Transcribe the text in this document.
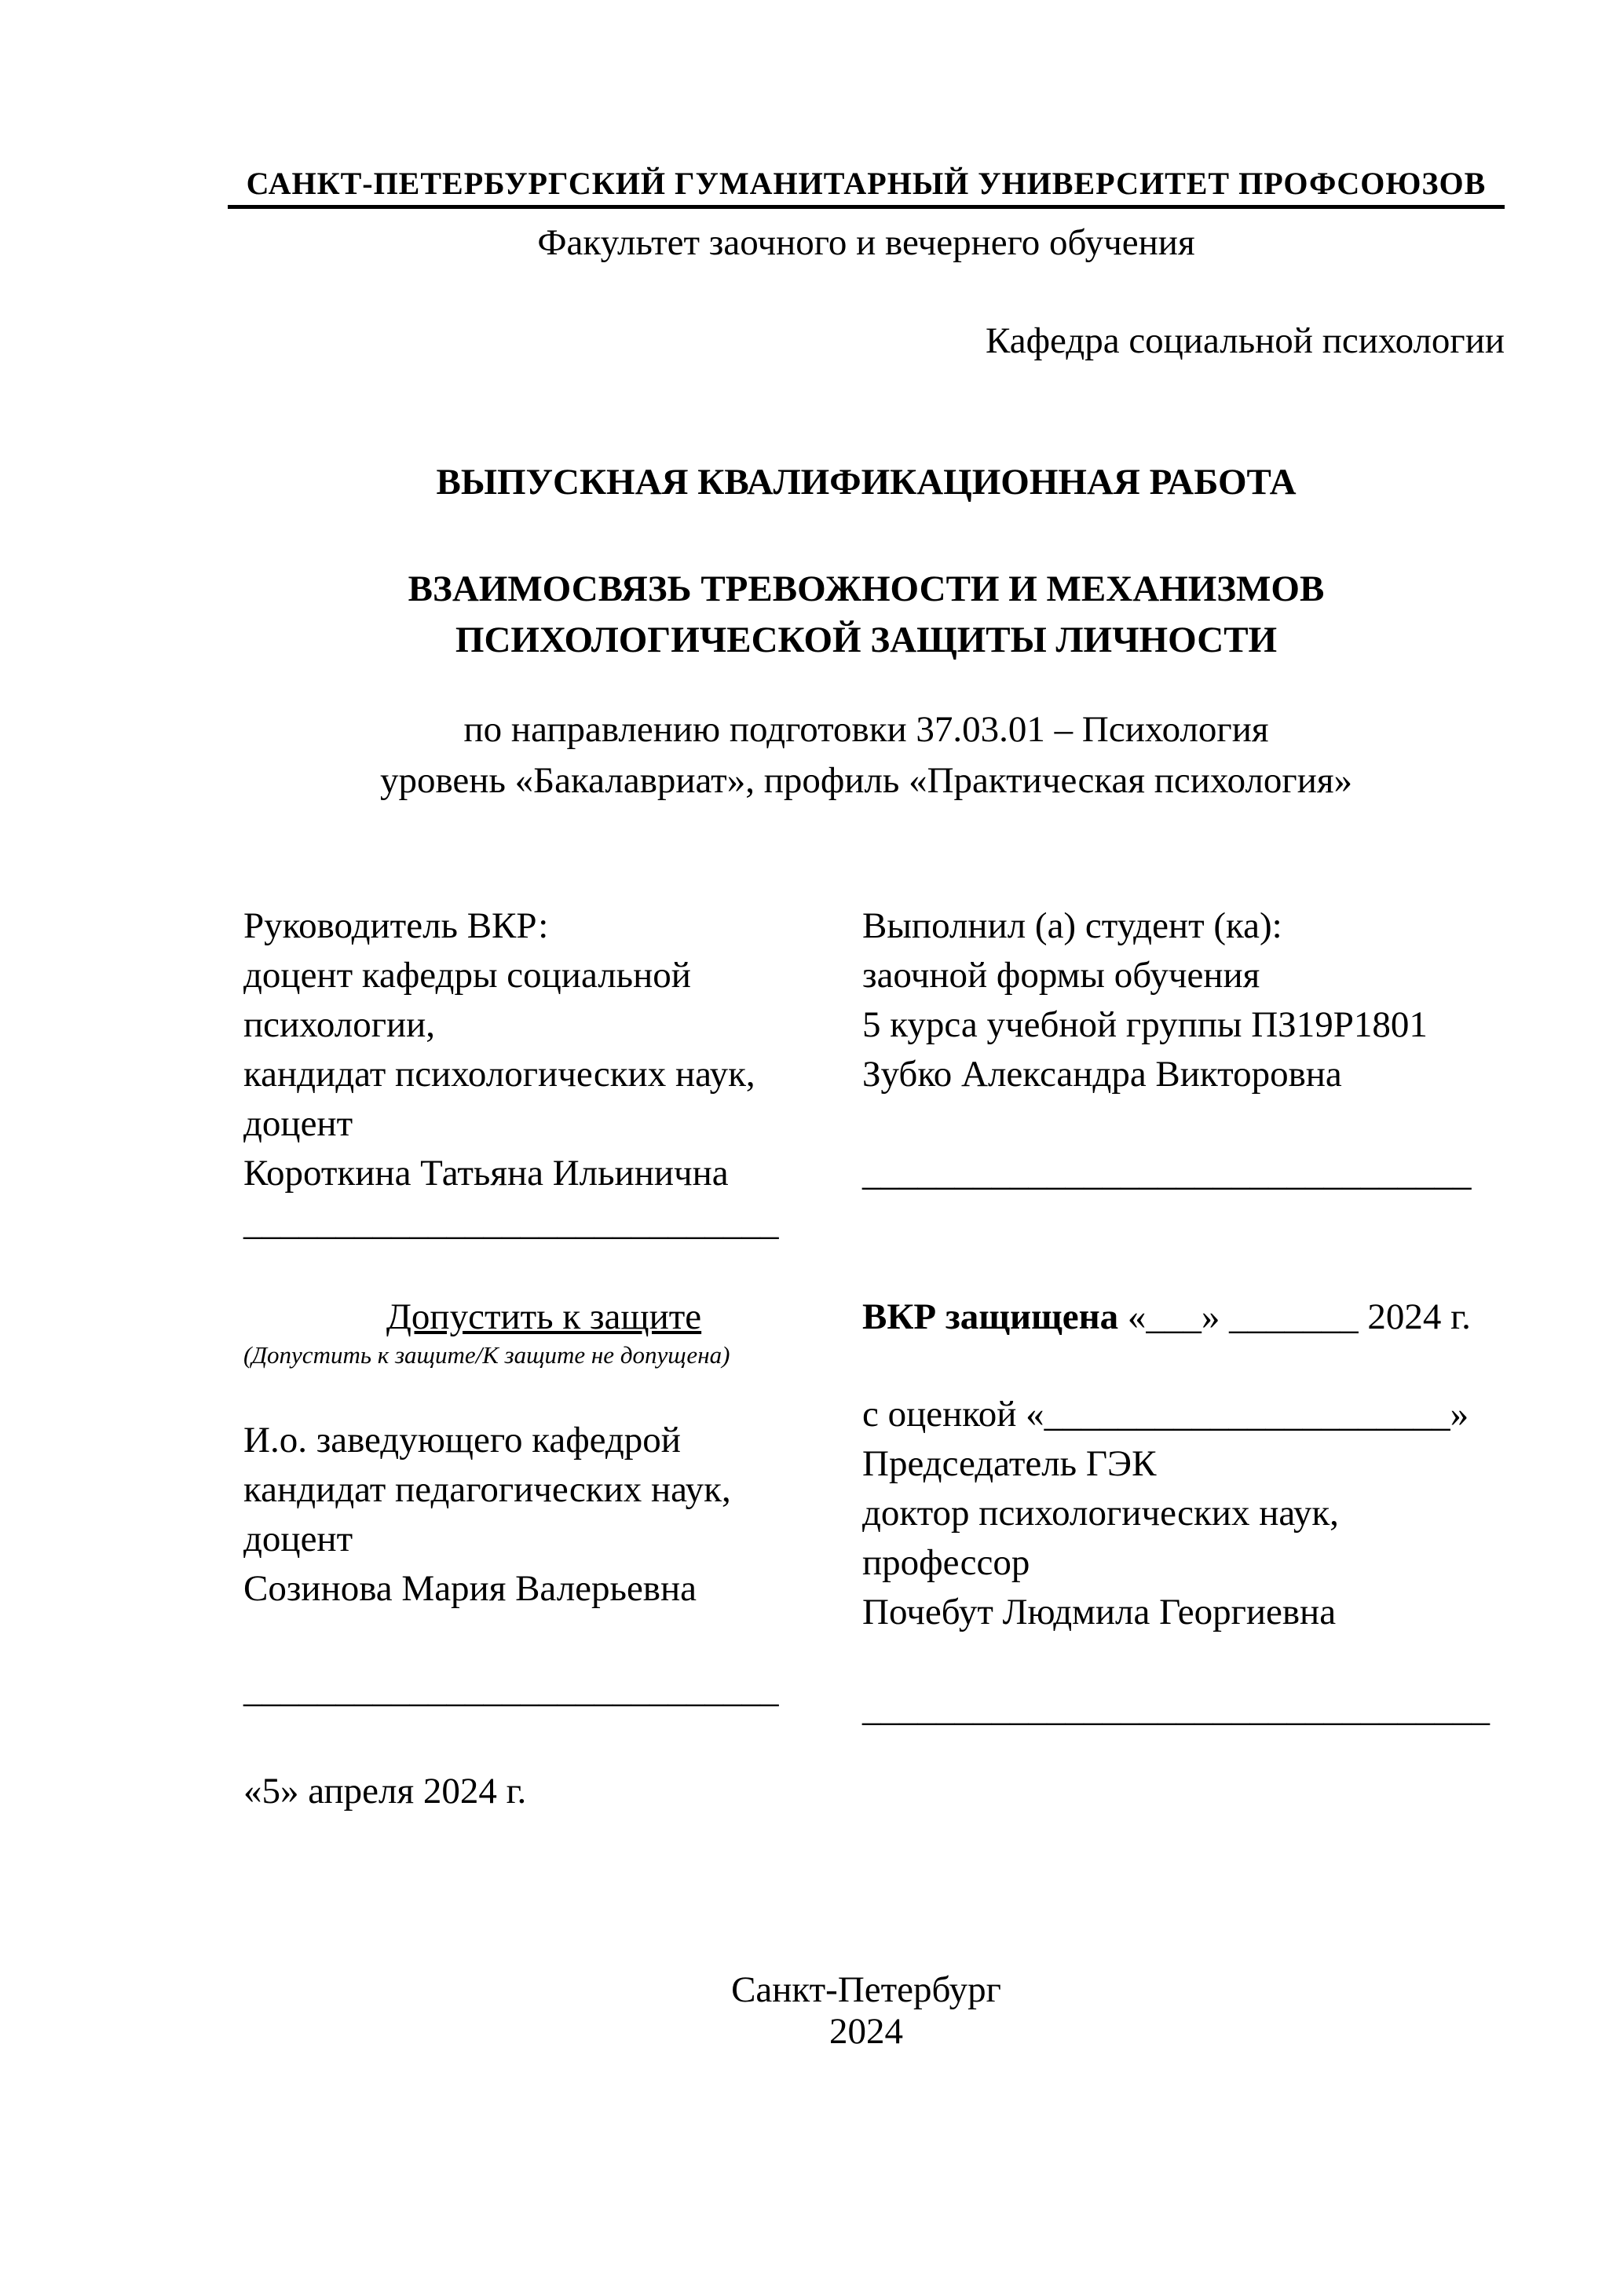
САНКТ-ПЕТЕРБУРГСКИЙ ГУМАНИТАРНЫЙ УНИВЕРСИТЕТ ПРОФСОЮЗОВ
Факультет заочного и вечернего обучения
Кафедра социальной психологии
ВЫПУСКНАЯ КВАЛИФИКАЦИОННАЯ РАБОТА
ВЗАИМОСВЯЗЬ ТРЕВОЖНОСТИ И МЕХАНИЗМОВ
ПСИХОЛОГИЧЕСКОЙ ЗАЩИТЫ ЛИЧНОСТИ
по направлению подготовки 37.03.01 – Психология
уровень «Бакалавриат», профиль «Практическая психология»
Руководитель ВКР:
доцент кафедры социальной
психологии,
кандидат психологических наук,
доцент
Короткина Татьяна Ильинична
_____________________________
Выполнил (а) студент (ка):
заочной формы обучения
5 курса учебной группы ПЗ19Р1801
Зубко Александра Викторовна
_________________________________
Допустить к защите
(Допустить к защите/К защите не допущена)
И.о. заведующего кафедрой
кандидат педагогических наук,
доцент
Созинова Мария Валерьевна
_____________________________
«5» апреля 2024 г.
ВКР защищена «___» _______ 2024 г.
с оценкой «______________________»
Председатель ГЭК
доктор психологических наук,
профессор
Почебут Людмила Георгиевна
__________________________________
Санкт-Петербург
2024
